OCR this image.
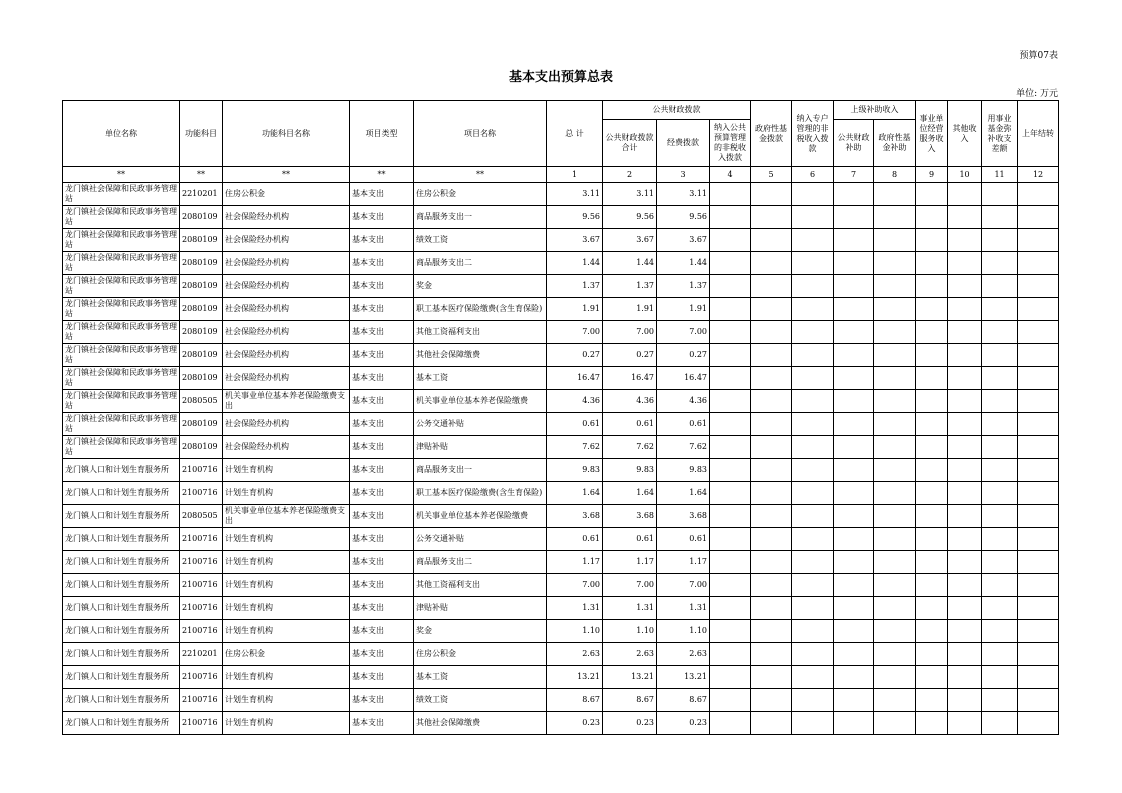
预算07表
基本支出预算总表
单位: 万元
单位名称	功能科目	功能科目名称	项目类型	项目名称	总 计	公共财政拨款			政府性基金拨款	纳入专户管理的非税收入拨款	上级补助收入		事业单位经营服务收入	其他收入	用事业基金弥补收支差额	上年结转
						公共财政拨款合计	经费拨款	纳入公共预算管理的非税收入拨款			公共财政补助	政府性基金补助				
**	**	**	**	**	1	2	3	4	5	6	7	8	9	10	11	12
龙门镇社会保障和民政事务管理站	2210201	住房公积金	基本支出	住房公积金	3.11	3.11	3.11									
龙门镇社会保障和民政事务管理站	2080109	社会保险经办机构	基本支出	商品服务支出一	9.56	9.56	9.56									
龙门镇社会保障和民政事务管理站	2080109	社会保险经办机构	基本支出	绩效工资	3.67	3.67	3.67									
龙门镇社会保障和民政事务管理站	2080109	社会保险经办机构	基本支出	商品服务支出二	1.44	1.44	1.44									
龙门镇社会保障和民政事务管理站	2080109	社会保险经办机构	基本支出	奖金	1.37	1.37	1.37									
龙门镇社会保障和民政事务管理站	2080109	社会保险经办机构	基本支出	职工基本医疗保险缴费(含生育保险)	1.91	1.91	1.91									
龙门镇社会保障和民政事务管理站	2080109	社会保险经办机构	基本支出	其他工资福利支出	7.00	7.00	7.00									
龙门镇社会保障和民政事务管理站	2080109	社会保险经办机构	基本支出	其他社会保障缴费	0.27	0.27	0.27									
龙门镇社会保障和民政事务管理站	2080109	社会保险经办机构	基本支出	基本工资	16.47	16.47	16.47									
龙门镇社会保障和民政事务管理站	2080505	机关事业单位基本养老保险缴费支出	基本支出	机关事业单位基本养老保险缴费	4.36	4.36	4.36									
龙门镇社会保障和民政事务管理站	2080109	社会保险经办机构	基本支出	公务交通补贴	0.61	0.61	0.61									
龙门镇社会保障和民政事务管理站	2080109	社会保险经办机构	基本支出	津贴补贴	7.62	7.62	7.62									
龙门镇人口和计划生育服务所	2100716	计划生育机构	基本支出	商品服务支出一	9.83	9.83	9.83									
龙门镇人口和计划生育服务所	2100716	计划生育机构	基本支出	职工基本医疗保险缴费(含生育保险)	1.64	1.64	1.64									
龙门镇人口和计划生育服务所	2080505	机关事业单位基本养老保险缴费支出	基本支出	机关事业单位基本养老保险缴费	3.68	3.68	3.68									
龙门镇人口和计划生育服务所	2100716	计划生育机构	基本支出	公务交通补贴	0.61	0.61	0.61									
龙门镇人口和计划生育服务所	2100716	计划生育机构	基本支出	商品服务支出二	1.17	1.17	1.17									
龙门镇人口和计划生育服务所	2100716	计划生育机构	基本支出	其他工资福利支出	7.00	7.00	7.00									
龙门镇人口和计划生育服务所	2100716	计划生育机构	基本支出	津贴补贴	1.31	1.31	1.31									
龙门镇人口和计划生育服务所	2100716	计划生育机构	基本支出	奖金	1.10	1.10	1.10									
龙门镇人口和计划生育服务所	2210201	住房公积金	基本支出	住房公积金	2.63	2.63	2.63									
龙门镇人口和计划生育服务所	2100716	计划生育机构	基本支出	基本工资	13.21	13.21	13.21									
龙门镇人口和计划生育服务所	2100716	计划生育机构	基本支出	绩效工资	8.67	8.67	8.67									
龙门镇人口和计划生育服务所	2100716	计划生育机构	基本支出	其他社会保障缴费	0.23	0.23	0.23									
